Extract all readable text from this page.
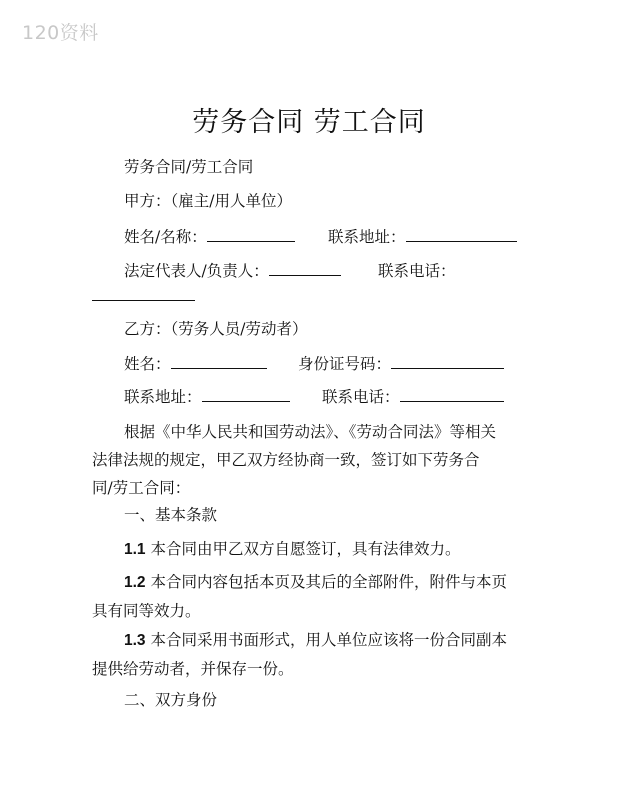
120资料
劳务合同 劳工合同
劳务合同/劳工合同
甲方：（雇主/用人单位）
姓名/名称：	联系地址：
法定代表人/负责人：	联系电话：
乙方：（劳务人员/劳动者）
姓名：	身份证号码：
联系地址：	联系电话：
根据《中华人民共和国劳动法》、《劳动合同法》等相关
法律法规的规定，甲乙双方经协商一致，签订如下劳务合
同/劳工合同：
一、基本条款
1.1 本合同由甲乙双方自愿签订，具有法律效力。
1.2 本合同内容包括本页及其后的全部附件，附件与本页
具有同等效力。
1.3 本合同采用书面形式，用人单位应该将一份合同副本
提供给劳动者，并保存一份。
二、双方身份
